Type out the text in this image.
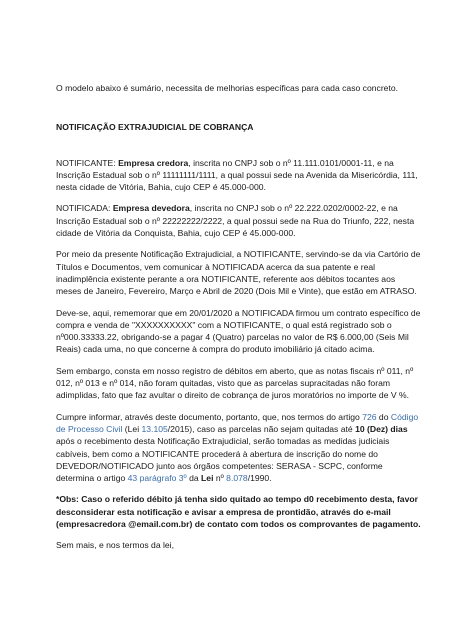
O modelo abaixo é sumário, necessita de melhorias específicas para cada caso concreto.

NOTIFICAÇÃO EXTRAJUDICIAL DE COBRANÇA

NOTIFICANTE: Empresa credora, inscrita no CNPJ sob o nº 11.111.0101/0001-11, e na Inscrição Estadual sob o nº 11111111/1111, a qual possui sede na Avenida da Misericórdia, 111, nesta cidade de Vitória, Bahia, cujo CEP é 45.000-000.

NOTIFICADA: Empresa devedora, inscrita no CNPJ sob o nº 22.222.0202/0002-22, e na Inscrição Estadual sob o nº 22222222/2222, a qual possui sede na Rua do Triunfo, 222, nesta cidade de Vitória da Conquista, Bahia, cujo CEP é 45.000-000.

Por meio da presente Notificação Extrajudicial, a NOTIFICANTE, servindo-se da via Cartório de Títulos e Documentos, vem comunicar à NOTIFICADA acerca da sua patente e real inadimplência existente perante a ora NOTIFICANTE, referente aos débitos tocantes aos meses de Janeiro, Fevereiro, Março e Abril de 2020 (Dois Mil e Vinte), que estão em ATRASO.

Deve-se, aqui, rememorar que em 20/01/2020 a NOTIFICADA firmou um contrato específico de compra e venda de "XXXXXXXXXX" com a NOTIFICANTE, o qual está registrado sob o nº000.33333.22, obrigando-se a pagar 4 (Quatro) parcelas no valor de R$ 6.000,00 (Seis Mil Reais) cada uma, no que concerne à compra do produto imobiliário já citado acima.

Sem embargo, consta em nosso registro de débitos em aberto, que as notas fiscais nº 011, nº 012, nº 013 e nº 014, não foram quitadas, visto que as parcelas supracitadas não foram adimplidas, fato que faz avultar o direito de cobrança de juros moratórios no importe de V %.

Cumpre informar, através deste documento, portanto, que, nos termos do artigo 726 do Código de Processo Civil (Lei 13.105/2015), caso as parcelas não sejam quitadas até 10 (Dez) dias após o recebimento desta Notificação Extrajudicial, serão tomadas as medidas judiciais cabíveis, bem como a NOTIFICANTE procederá à abertura de inscrição do nome do DEVEDOR/NOTIFICADO junto aos órgãos competentes: SERASA - SCPC, conforme determina o artigo 43 parágrafo 3º da Lei nº 8.078/1990.

*Obs: Caso o referido débito já tenha sido quitado ao tempo d0 recebimento desta, favor desconsiderar esta notificação e avisar a empresa de prontidão, através do e-mail (empresacredora @email.com.br) de contato com todos os comprovantes de pagamento.

Sem mais, e nos termos da lei,
